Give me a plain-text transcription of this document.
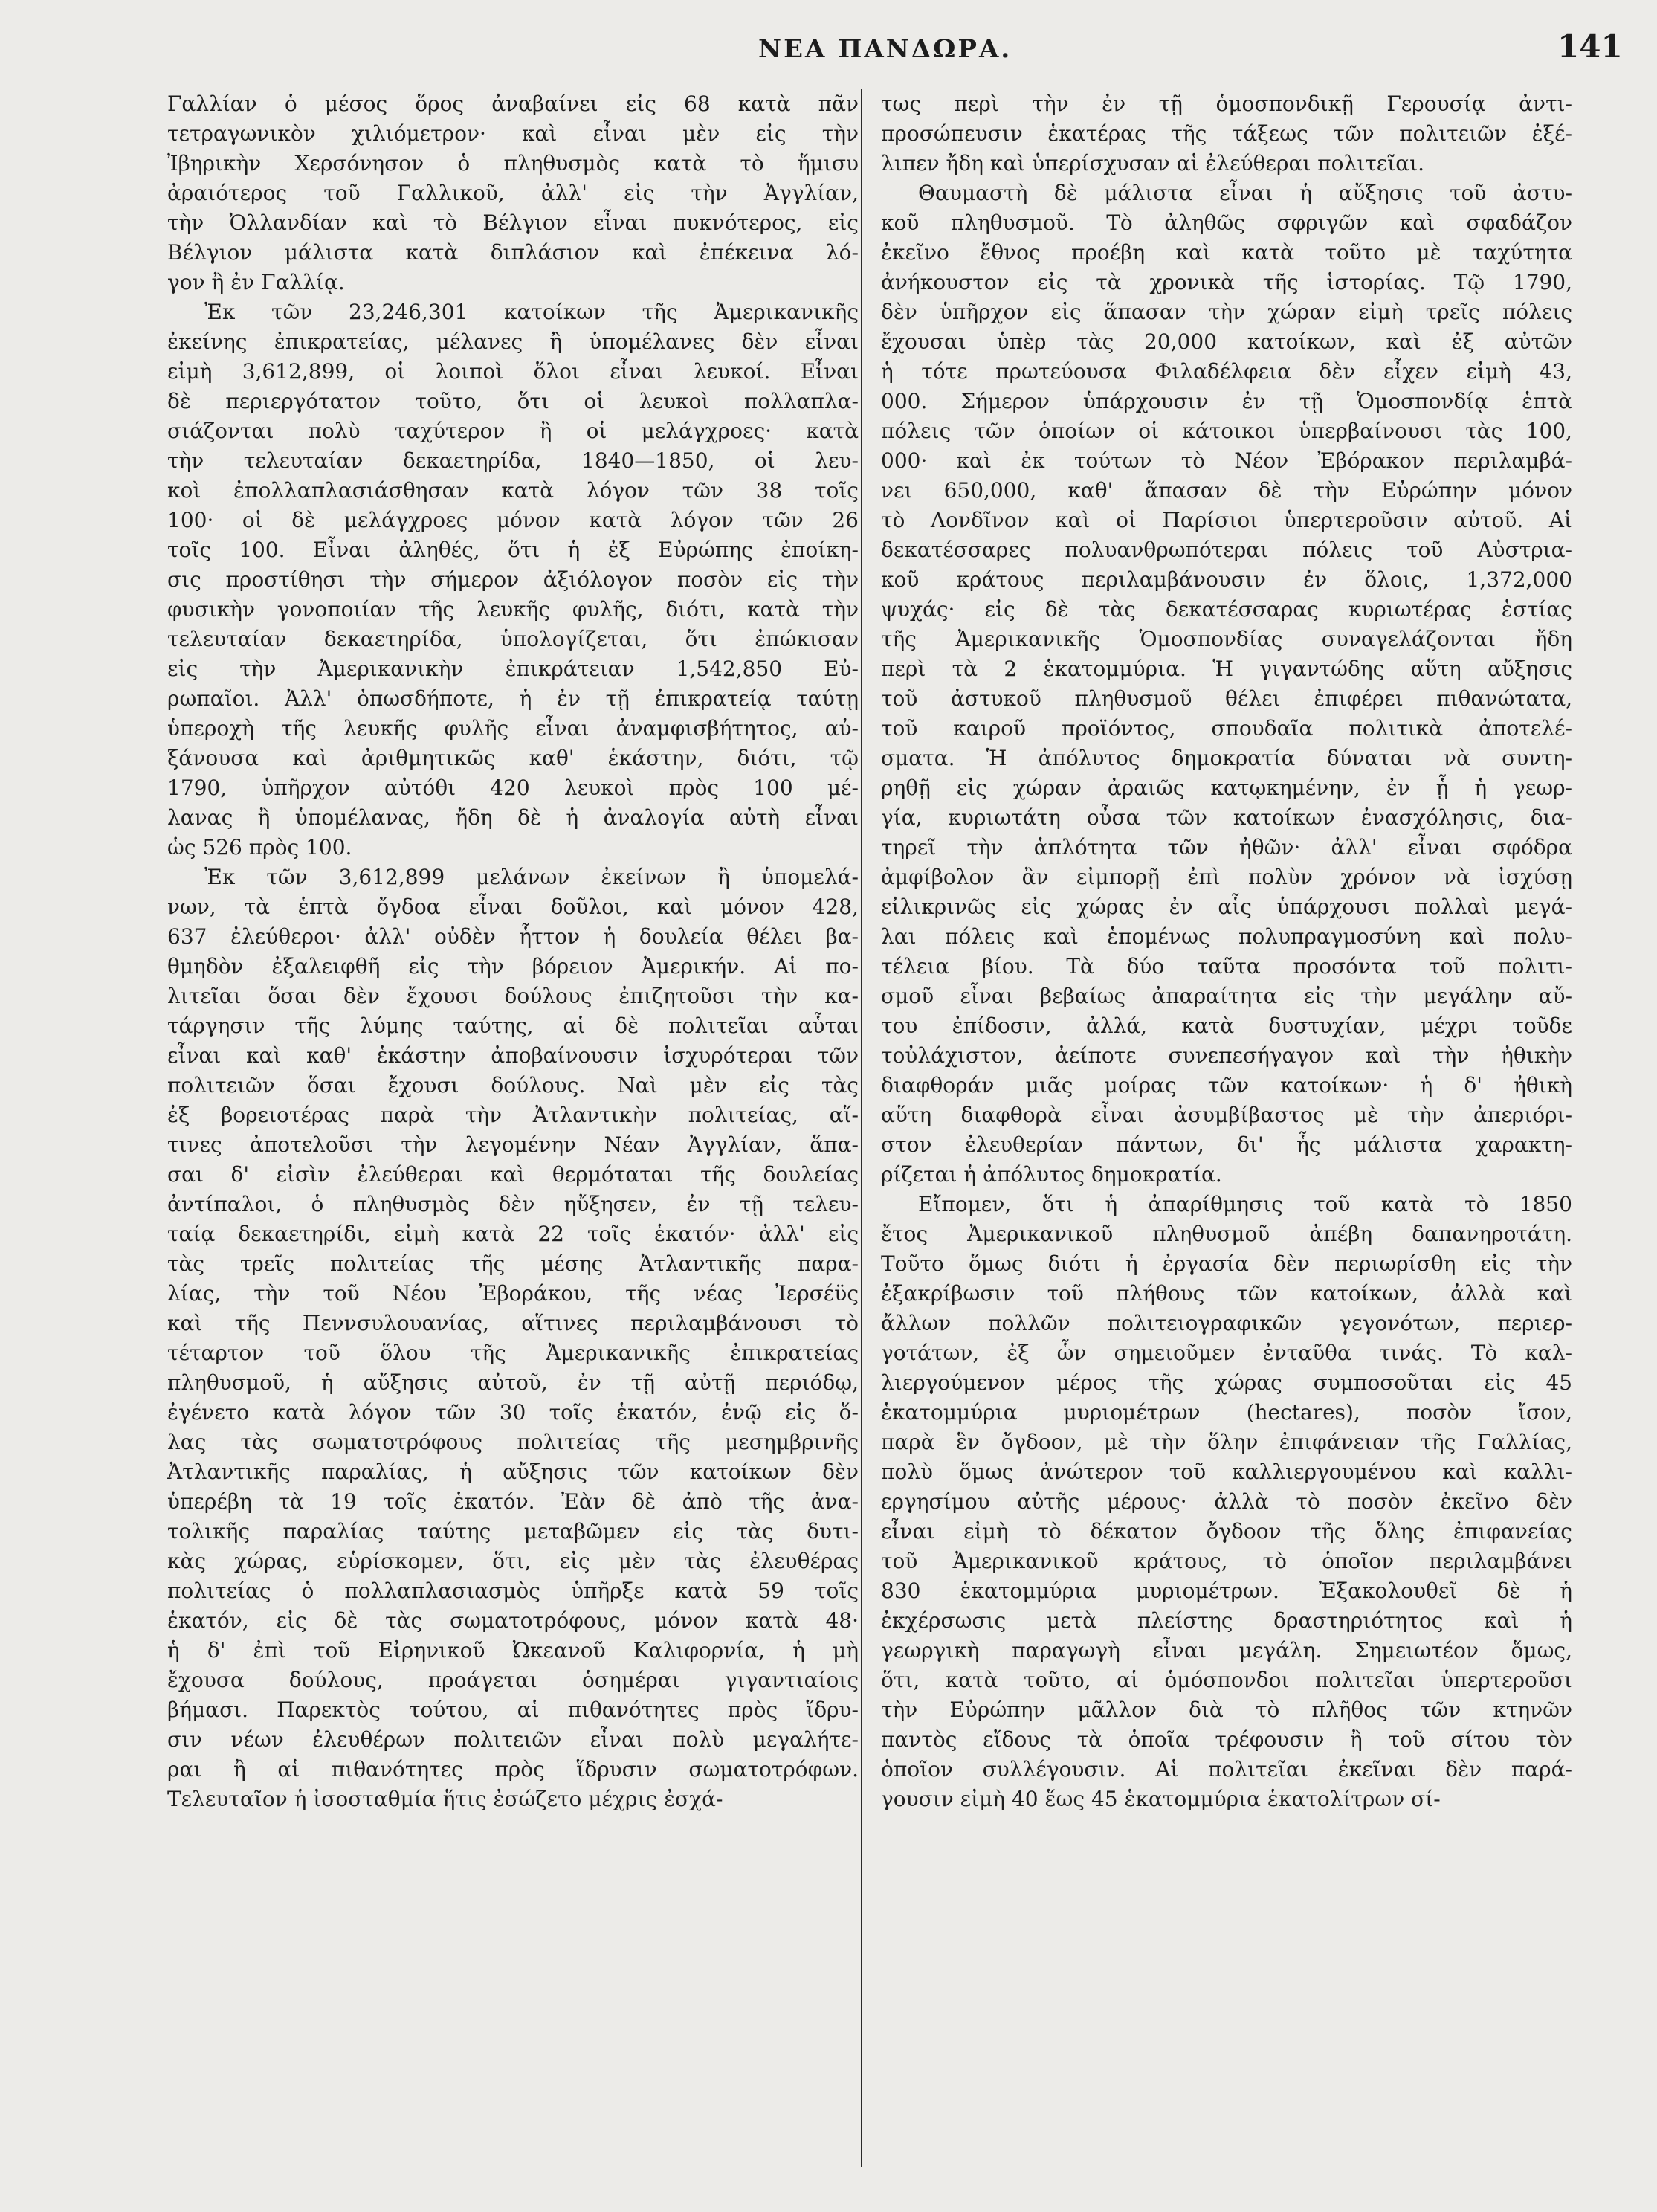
ΝΕΑ ΠΑΝΔΩΡΑ.	141
Γαλλίαν ὁ μέσος ὅρος ἀναβαίνει εἰς 68 κατὰ πᾶν
τετραγωνικὸν χιλιόμετρον· καὶ εἶναι μὲν εἰς τὴν
Ἰβηρικὴν Χερσόνησον ὁ πληθυσμὸς κατὰ τὸ ἥμισυ
ἀραιότερος τοῦ Γαλλικοῦ, ἀλλ' εἰς τὴν Ἀγγλίαν,
τὴν Ὀλλανδίαν καὶ τὸ Βέλγιον εἶναι πυκνότερος, εἰς
Βέλγιον μάλιστα κατὰ διπλάσιον καὶ ἐπέκεινα λό-
γον ἢ ἐν Γαλλίᾳ.
Ἐκ τῶν 23,246,301 κατοίκων τῆς Ἀμερικανικῆς
ἐκείνης ἐπικρατείας, μέλανες ἢ ὑπομέλανες δὲν εἶναι
εἰμὴ 3,612,899, οἱ λοιποὶ ὅλοι εἶναι λευκοί. Εἶναι
δὲ περιεργότατον τοῦτο, ὅτι οἱ λευκοὶ πολλαπλα-
σιάζονται πολὺ ταχύτερον ἢ οἱ μελάγχροες· κατὰ
τὴν τελευταίαν δεκαετηρίδα, 1840—1850, οἱ λευ-
κοὶ ἐπολλαπλασιάσθησαν κατὰ λόγον τῶν 38 τοῖς
100· οἱ δὲ μελάγχροες μόνον κατὰ λόγον τῶν 26
τοῖς 100. Εἶναι ἀληθές, ὅτι ἡ ἐξ Εὐρώπης ἐποίκη-
σις προστίθησι τὴν σήμερον ἀξιόλογον ποσὸν εἰς τὴν
φυσικὴν γονοποιίαν τῆς λευκῆς φυλῆς, διότι, κατὰ τὴν
τελευταίαν δεκαετηρίδα, ὑπολογίζεται, ὅτι ἐπώκισαν
εἰς τὴν Ἀμερικανικὴν ἐπικράτειαν 1,542,850 Εὐ-
ρωπαῖοι. Ἀλλ' ὁπωσδήποτε, ἡ ἐν τῇ ἐπικρατείᾳ ταύτῃ
ὑπεροχὴ τῆς λευκῆς φυλῆς εἶναι ἀναμφισβήτητος, αὐ-
ξάνουσα καὶ ἀριθμητικῶς καθ' ἑκάστην, διότι, τῷ
1790, ὑπῆρχον αὐτόθι 420 λευκοὶ πρὸς 100 μέ-
λανας ἢ ὑπομέλανας, ἤδη δὲ ἡ ἀναλογία αὐτὴ εἶναι
ὡς 526 πρὸς 100.
Ἐκ τῶν 3,612,899 μελάνων ἐκείνων ἢ ὑπομελά-
νων, τὰ ἑπτὰ ὄγδοα εἶναι δοῦλοι, καὶ μόνον 428,
637 ἐλεύθεροι· ἀλλ' οὐδὲν ἧττον ἡ δουλεία θέλει βα-
θμηδὸν ἐξαλειφθῆ εἰς τὴν βόρειον Ἀμερικήν. Αἱ πο-
λιτεῖαι ὅσαι δὲν ἔχουσι δούλους ἐπιζητοῦσι τὴν κα-
τάργησιν τῆς λύμης ταύτης, αἱ δὲ πολιτεῖαι αὗται
εἶναι καὶ καθ' ἑκάστην ἀποβαίνουσιν ἰσχυρότεραι τῶν
πολιτειῶν ὅσαι ἔχουσι δούλους. Ναὶ μὲν εἰς τὰς
ἐξ βορειοτέρας παρὰ τὴν Ἀτλαντικὴν πολιτείας, αἵ-
τινες ἀποτελοῦσι τὴν λεγομένην Νέαν Ἀγγλίαν, ἅπα-
σαι δ' εἰσὶν ἐλεύθεραι καὶ θερμόταται τῆς δουλείας
ἀντίπαλοι, ὁ πληθυσμὸς δὲν ηὔξησεν, ἐν τῇ τελευ-
ταίᾳ δεκαετηρίδι, εἰμὴ κατὰ 22 τοῖς ἑκατόν· ἀλλ' εἰς
τὰς τρεῖς πολιτείας τῆς μέσης Ἀτλαντικῆς παρα-
λίας, τὴν τοῦ Νέου Ἐβοράκου, τῆς νέας Ἰερσέϋς
καὶ τῆς Πεννσυλουανίας, αἵτινες περιλαμβάνουσι τὸ
τέταρτον τοῦ ὅλου τῆς Ἀμερικανικῆς ἐπικρατείας
πληθυσμοῦ, ἡ αὔξησις αὐτοῦ, ἐν τῇ αὐτῇ περιόδῳ,
ἐγένετο κατὰ λόγον τῶν 30 τοῖς ἑκατόν, ἐνῷ εἰς ὅ-
λας τὰς σωματοτρόφους πολιτείας τῆς μεσημβρινῆς
Ἀτλαντικῆς παραλίας, ἡ αὔξησις τῶν κατοίκων δὲν
ὑπερέβη τὰ 19 τοῖς ἑκατόν. Ἐὰν δὲ ἀπὸ τῆς ἀνα-
τολικῆς παραλίας ταύτης μεταβῶμεν εἰς τὰς δυτι-
κὰς χώρας, εὑρίσκομεν, ὅτι, εἰς μὲν τὰς ἐλευθέρας
πολιτείας ὁ πολλαπλασιασμὸς ὑπῆρξε κατὰ 59 τοῖς
ἑκατόν, εἰς δὲ τὰς σωματοτρόφους, μόνον κατὰ 48·
ἡ δ' ἐπὶ τοῦ Εἰρηνικοῦ Ὠκεανοῦ Καλιφορνία, ἡ μὴ
ἔχουσα δούλους, προάγεται ὁσημέραι γιγαντιαίοις
βήμασι. Παρεκτὸς τούτου, αἱ πιθανότητες πρὸς ἵδρυ-
σιν νέων ἐλευθέρων πολιτειῶν εἶναι πολὺ μεγαλήτε-
ραι ἢ αἱ πιθανότητες πρὸς ἵδρυσιν σωματοτρόφων.
Τελευταῖον ἡ ἰσοσταθμία ἥτις ἐσώζετο μέχρις ἐσχά-
τως περὶ τὴν ἐν τῇ ὁμοσπονδικῇ Γερουσίᾳ ἀντι-
προσώπευσιν ἑκατέρας τῆς τάξεως τῶν πολιτειῶν ἐξέ-
λιπεν ἤδη καὶ ὑπερίσχυσαν αἱ ἐλεύθεραι πολιτεῖαι.
Θαυμαστὴ δὲ μάλιστα εἶναι ἡ αὔξησις τοῦ ἀστυ-
κοῦ πληθυσμοῦ. Τὸ ἀληθῶς σφριγῶν καὶ σφαδάζον
ἐκεῖνο ἔθνος προέβη καὶ κατὰ τοῦτο μὲ ταχύτητα
ἀνήκουστον εἰς τὰ χρονικὰ τῆς ἱστορίας. Τῷ 1790,
δὲν ὑπῆρχον εἰς ἅπασαν τὴν χώραν εἰμὴ τρεῖς πόλεις
ἔχουσαι ὑπὲρ τὰς 20,000 κατοίκων, καὶ ἐξ αὐτῶν
ἡ τότε πρωτεύουσα Φιλαδέλφεια δὲν εἶχεν εἰμὴ 43,
000. Σήμερον ὑπάρχουσιν ἐν τῇ Ὁμοσπονδίᾳ ἑπτὰ
πόλεις τῶν ὁποίων οἱ κάτοικοι ὑπερβαίνουσι τὰς 100,
000· καὶ ἐκ τούτων τὸ Νέον Ἐβόρακον περιλαμβά-
νει 650,000, καθ' ἅπασαν δὲ τὴν Εὐρώπην μόνον
τὸ Λονδῖνον καὶ οἱ Παρίσιοι ὑπερτεροῦσιν αὐτοῦ. Αἱ
δεκατέσσαρες πολυανθρωπότεραι πόλεις τοῦ Αὐστρια-
κοῦ κράτους περιλαμβάνουσιν ἐν ὅλοις, 1,372,000
ψυχάς· εἰς δὲ τὰς δεκατέσσαρας κυριωτέρας ἑστίας
τῆς Ἀμερικανικῆς Ὁμοσπονδίας συναγελάζονται ἤδη
περὶ τὰ 2 ἑκατομμύρια. Ἡ γιγαντώδης αὕτη αὔξησις
τοῦ ἀστυκοῦ πληθυσμοῦ θέλει ἐπιφέρει πιθανώτατα,
τοῦ καιροῦ προϊόντος, σπουδαῖα πολιτικὰ ἀποτελέ-
σματα. Ἡ ἀπόλυτος δημοκρατία δύναται νὰ συντη-
ρηθῇ εἰς χώραν ἀραιῶς κατῳκημένην, ἐν ᾗ ἡ γεωρ-
γία, κυριωτάτη οὖσα τῶν κατοίκων ἐνασχόλησις, δια-
τηρεῖ τὴν ἁπλότητα τῶν ἠθῶν· ἀλλ' εἶναι σφόδρα
ἀμφίβολον ἂν εἰμπορῇ ἐπὶ πολὺν χρόνον νὰ ἰσχύσῃ
εἰλικρινῶς εἰς χώρας ἐν αἷς ὑπάρχουσι πολλαὶ μεγά-
λαι πόλεις καὶ ἑπομένως πολυπραγμοσύνη καὶ πολυ-
τέλεια βίου. Τὰ δύο ταῦτα προσόντα τοῦ πολιτι-
σμοῦ εἶναι βεβαίως ἀπαραίτητα εἰς τὴν μεγάλην αὔ-
του ἐπίδοσιν, ἀλλά, κατὰ δυστυχίαν, μέχρι τοῦδε
τοὐλάχιστον, ἀείποτε συνεπεσήγαγον καὶ τὴν ἠθικὴν
διαφθοράν μιᾶς μοίρας τῶν κατοίκων· ἡ δ' ἠθικὴ
αὕτη διαφθορὰ εἶναι ἀσυμβίβαστος μὲ τὴν ἀπεριόρι-
στον ἐλευθερίαν πάντων, δι' ἧς μάλιστα χαρακτη-
ρίζεται ἡ ἀπόλυτος δημοκρατία.
Εἴπομεν, ὅτι ἡ ἀπαρίθμησις τοῦ κατὰ τὸ 1850
ἔτος Ἀμερικανικοῦ πληθυσμοῦ ἀπέβη δαπανηροτάτη.
Τοῦτο ὅμως διότι ἡ ἐργασία δὲν περιωρίσθη εἰς τὴν
ἐξακρίβωσιν τοῦ πλήθους τῶν κατοίκων, ἀλλὰ καὶ
ἄλλων πολλῶν πολιτειογραφικῶν γεγονότων, περιερ-
γοτάτων, ἐξ ὧν σημειοῦμεν ἐνταῦθα τινάς. Τὸ καλ-
λιεργούμενον μέρος τῆς χώρας συμποσοῦται εἰς 45
ἑκατομμύρια μυριομέτρων (hectares), ποσὸν ἴσον,
παρὰ ἓν ὄγδοον, μὲ τὴν ὅλην ἐπιφάνειαν τῆς Γαλλίας,
πολὺ ὅμως ἀνώτερον τοῦ καλλιεργουμένου καὶ καλλι-
εργησίμου αὐτῆς μέρους· ἀλλὰ τὸ ποσὸν ἐκεῖνο δὲν
εἶναι εἰμὴ τὸ δέκατον ὄγδοον τῆς ὅλης ἐπιφανείας
τοῦ Ἀμερικανικοῦ κράτους, τὸ ὁποῖον περιλαμβάνει
830 ἑκατομμύρια μυριομέτρων. Ἐξακολουθεῖ δὲ ἡ
ἐκχέρσωσις μετὰ πλείστης δραστηριότητος καὶ ἡ
γεωργικὴ παραγωγὴ εἶναι μεγάλη. Σημειωτέον ὅμως,
ὅτι, κατὰ τοῦτο, αἱ ὁμόσπονδοι πολιτεῖαι ὑπερτεροῦσι
τὴν Εὐρώπην μᾶλλον διὰ τὸ πλῆθος τῶν κτηνῶν
παντὸς εἴδους τὰ ὁποῖα τρέφουσιν ἢ τοῦ σίτου τὸν
ὁποῖον συλλέγουσιν. Αἱ πολιτεῖαι ἐκεῖναι δὲν παρά-
γουσιν εἰμὴ 40 ἕως 45 ἑκατομμύρια ἑκατολίτρων σί-
